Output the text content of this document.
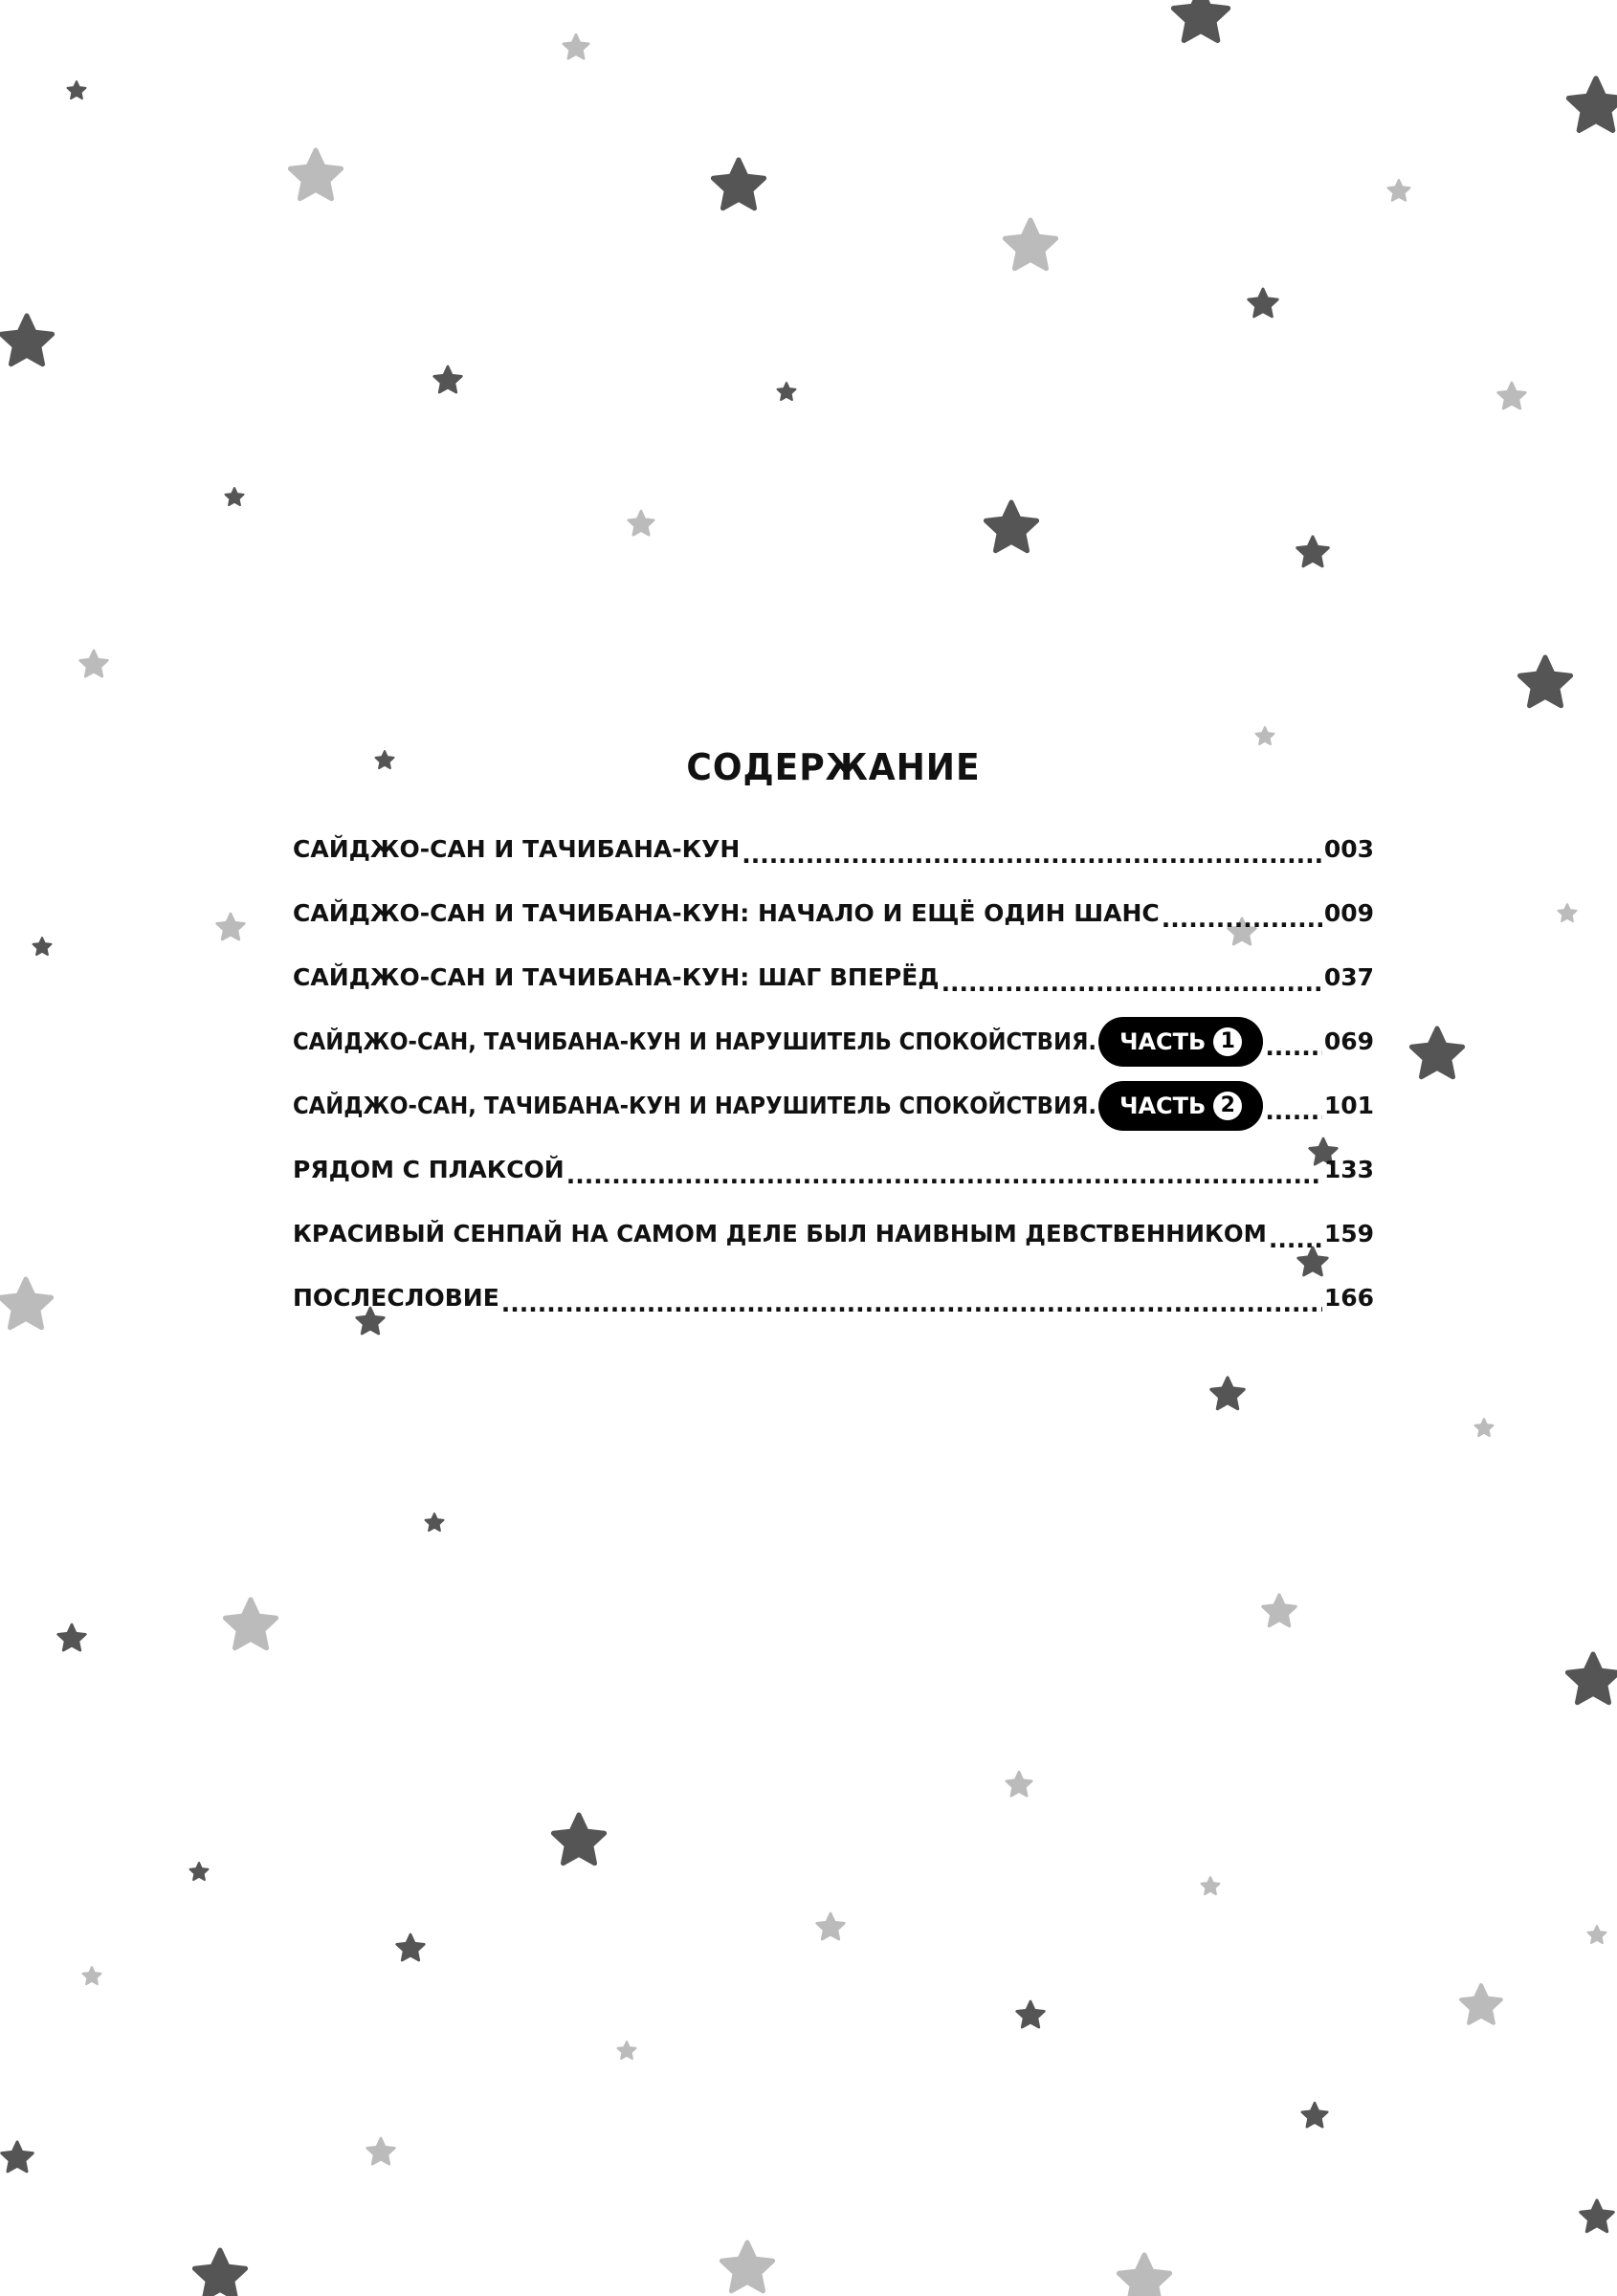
СОДЕРЖАНИЕ
САЙДЖО-САН И ТАЧИБАНА-КУН .....	003
САЙДЖО-САН И ТАЧИБАНА-КУН: НАЧАЛО И ЕЩЁ ОДИН ШАНС .....	009
САЙДЖО-САН И ТАЧИБАНА-КУН: ШАГ ВПЕРЁД .....	037
САЙДЖО-САН, ТАЧИБАНА-КУН И НАРУШИТЕЛЬ СПОКОЙСТВИЯ. ЧАСТЬ 1 .....	069
САЙДЖО-САН, ТАЧИБАНА-КУН И НАРУШИТЕЛЬ СПОКОЙСТВИЯ. ЧАСТЬ 2 .....	101
РЯДОМ С ПЛАКСОЙ .....	133
КРАСИВЫЙ СЕНПАЙ НА САМОМ ДЕЛЕ БЫЛ НАИВНЫМ ДЕВСТВЕННИКОМ ..... 159
ПОСЛЕСЛОВИЕ .....	166
